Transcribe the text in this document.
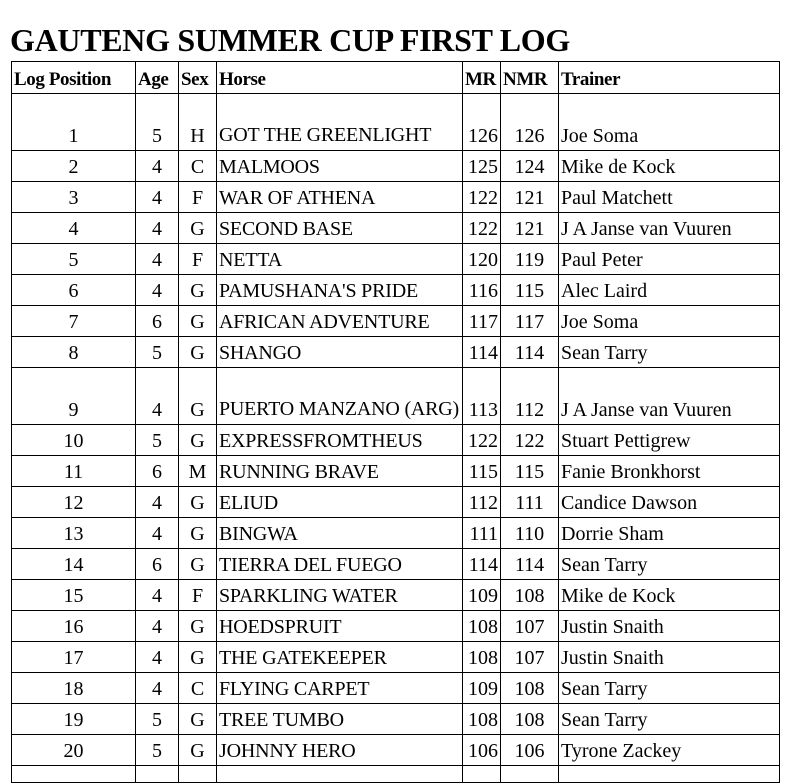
GAUTENG SUMMER CUP FIRST LOG
Log Position	Age	Sex	Horse	MR	NMR	Trainer
1	5	H	GOT THE GREENLIGHT	126	126	Joe Soma
2	4	C	MALMOOS	125	124	Mike de Kock
3	4	F	WAR OF ATHENA	122	121	Paul Matchett
4	4	G	SECOND BASE	122	121	J A Janse van Vuuren
5	4	F	NETTA	120	119	Paul Peter
6	4	G	PAMUSHANA'S PRIDE	116	115	Alec Laird
7	6	G	AFRICAN ADVENTURE	117	117	Joe Soma
8	5	G	SHANGO	114	114	Sean Tarry
9	4	G	PUERTO MANZANO (ARG)	113	112	J A Janse van Vuuren
10	5	G	EXPRESSFROMTHEUS	122	122	Stuart Pettigrew
11	6	M	RUNNING BRAVE	115	115	Fanie Bronkhorst
12	4	G	ELIUD	112	111	Candice Dawson
13	4	G	BINGWA	111	110	Dorrie Sham
14	6	G	TIERRA DEL FUEGO	114	114	Sean Tarry
15	4	F	SPARKLING WATER	109	108	Mike de Kock
16	4	G	HOEDSPRUIT	108	107	Justin Snaith
17	4	G	THE GATEKEEPER	108	107	Justin Snaith
18	4	C	FLYING CARPET	109	108	Sean Tarry
19	5	G	TREE TUMBO	108	108	Sean Tarry
20	5	G	JOHNNY HERO	106	106	Tyrone Zackey
